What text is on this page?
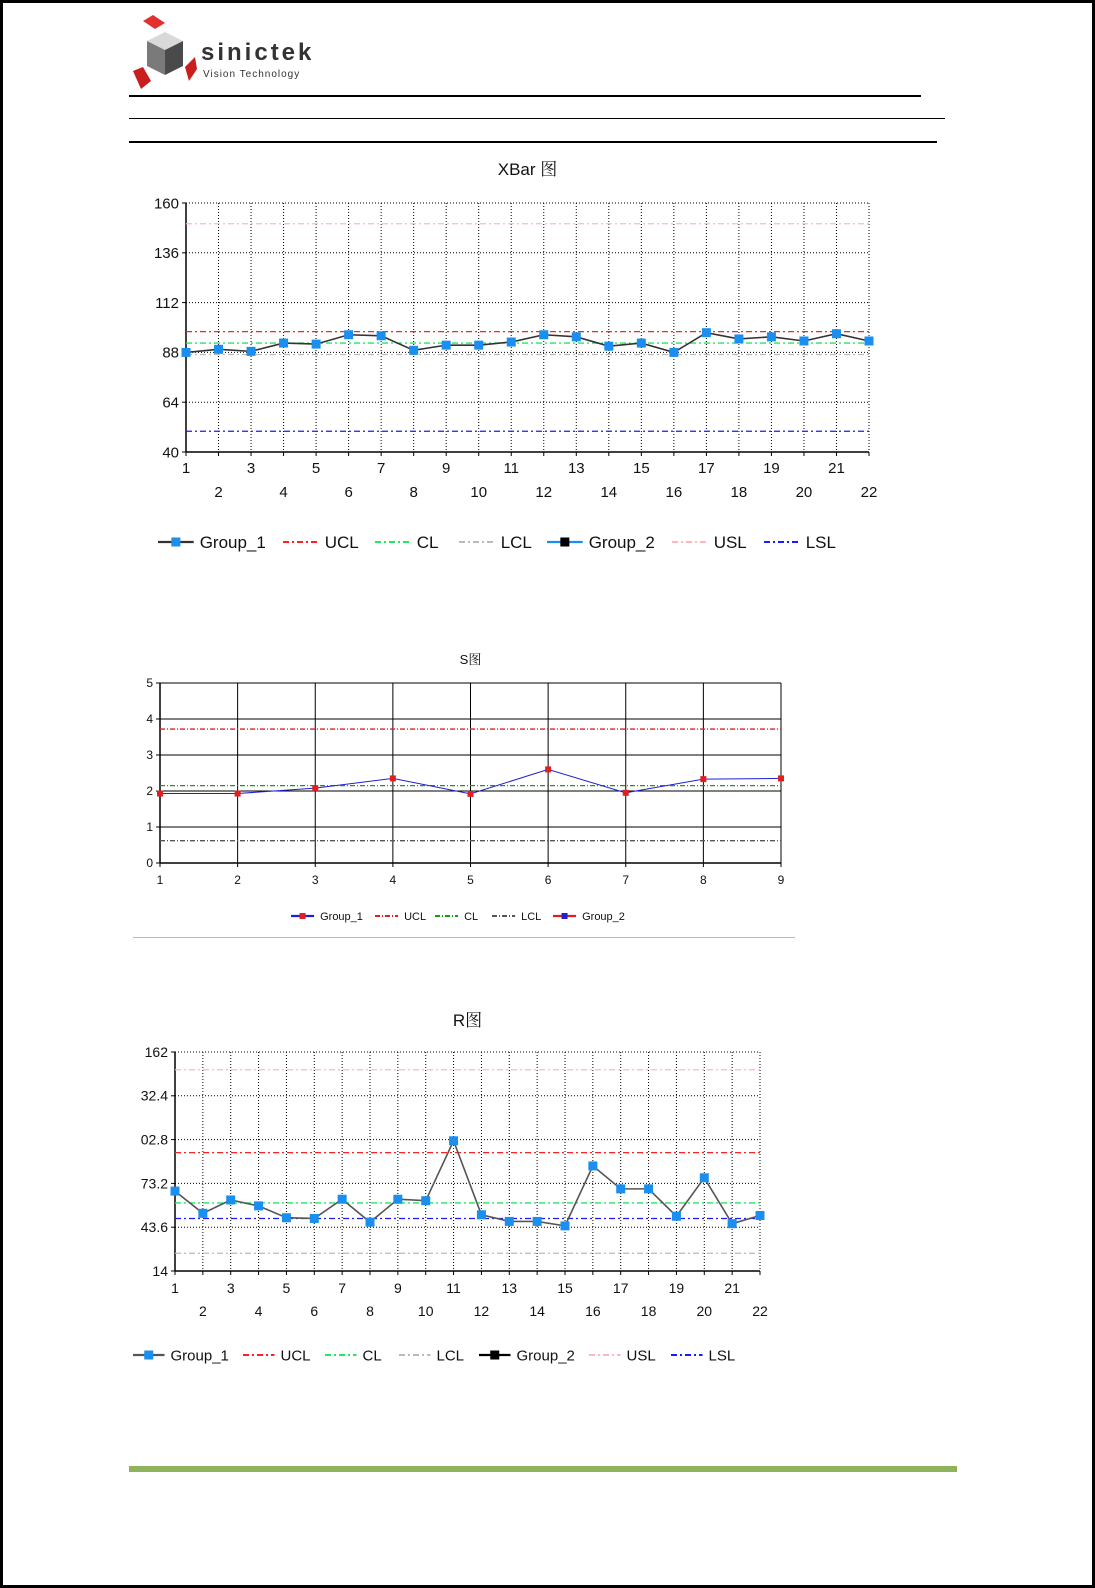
sinictek
Vision Technology
XBar 图
40
64
88
112
136
160
1
2
3
4
5
6
7
8
9
10
11
12
13
14
15
16
17
18
19
20
21
22
Group_1	UCL	CL	LCL	Group_2	USL	LSL
S图
0
1
2
3
4
5
1	2	3	4	5	6	7	8	9
Group_1	UCL	CL	LCL	Group_2
R图
14
43.6
73.2
02.8
32.4
162
1
2
3
4
5
6
7
8
9
10
11
12
13
14
15
16
17
18
19
20
21
22
Group_1	UCL	CL	LCL	Group_2	USL	LSL
